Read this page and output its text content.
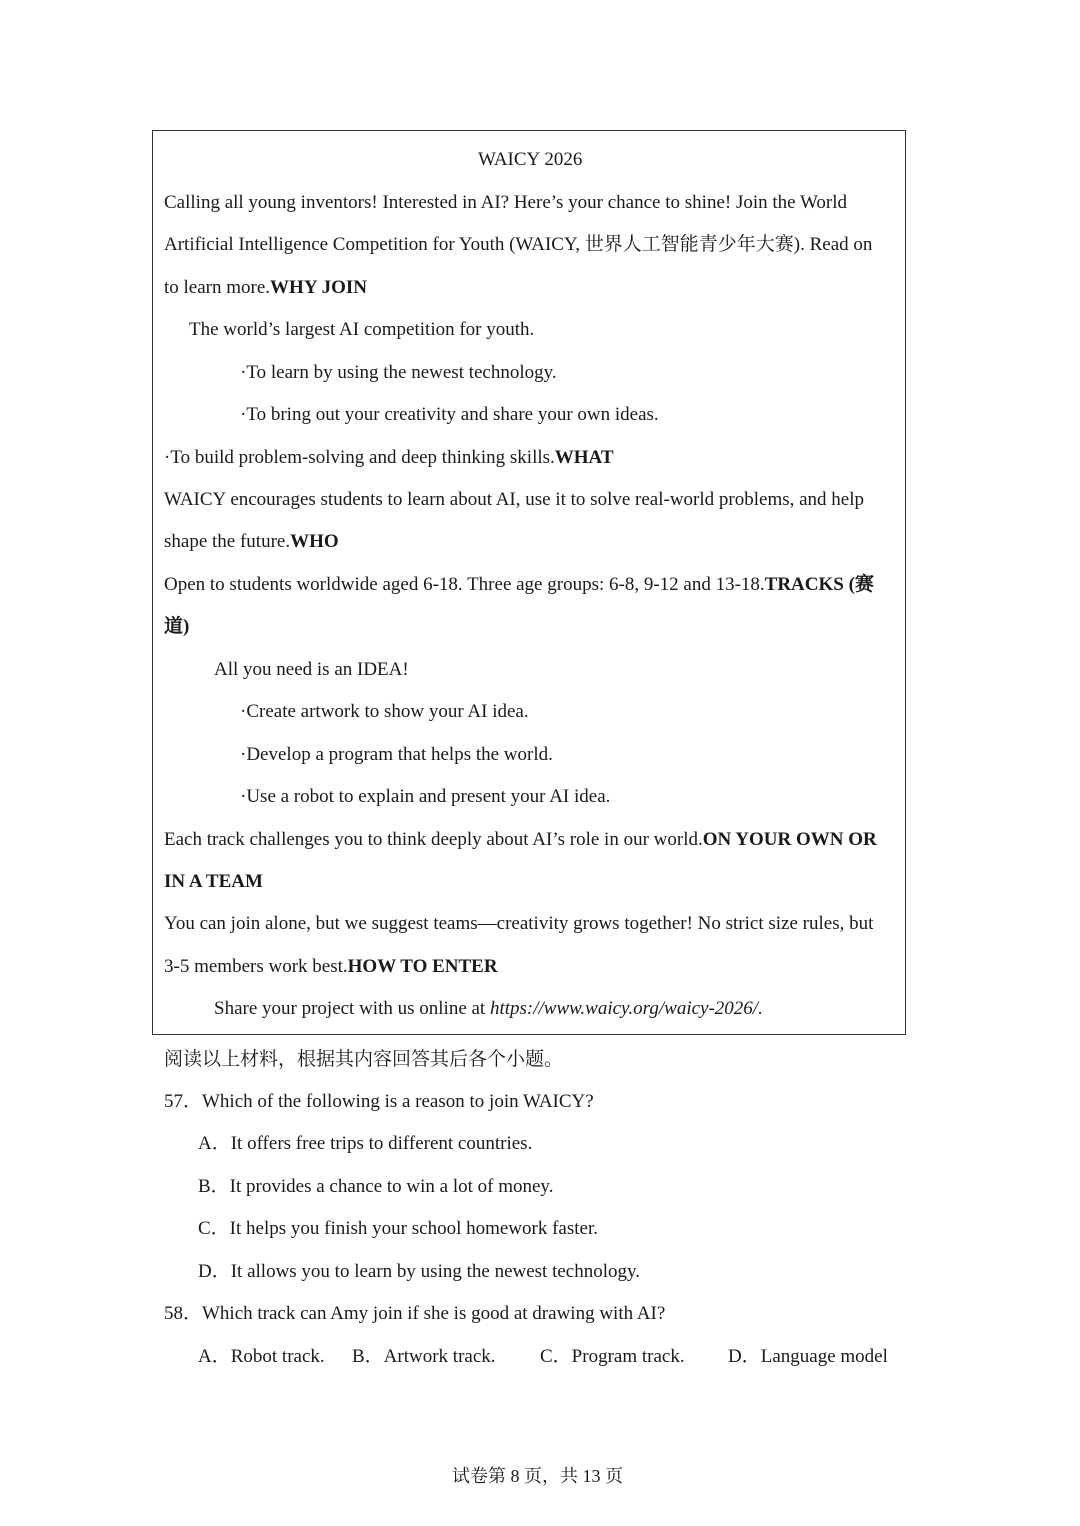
WAICY 2026
Calling all young inventors! Interested in AI? Here’s your chance to shine! Join the World
Artificial Intelligence Competition for Youth (WAICY, 世界人工智能青少年大赛). Read on
to learn more.WHY JOIN
The world’s largest AI competition for youth.
·To learn by using the newest technology.
·To bring out your creativity and share your own ideas.
·To build problem-solving and deep thinking skills.WHAT
WAICY encourages students to learn about AI, use it to solve real-world problems, and help
shape the future.WHO
Open to students worldwide aged 6-18. Three age groups: 6-8, 9-12 and 13-18.TRACKS (赛
道)
All you need is an IDEA!
·Create artwork to show your AI idea.
·Develop a program that helps the world.
·Use a robot to explain and present your AI idea.
Each track challenges you to think deeply about AI’s role in our world.ON YOUR OWN OR
IN A TEAM
You can join alone, but we suggest teams—creativity grows together! No strict size rules, but
3-5 members work best.HOW TO ENTER
Share your project with us online at https://www.waicy.org/waicy-2026/.
阅读以上材料，根据其内容回答其后各个小题。
57．Which of the following is a reason to join WAICY?
A．It offers free trips to different countries.
B．It provides a chance to win a lot of money.
C．It helps you finish your school homework faster.
D．It allows you to learn by using the newest technology.
58．Which track can Amy join if she is good at drawing with AI?
A．Robot track. B．Artwork track. C．Program track. D．Language model
试卷第 8 页，共 13 页
